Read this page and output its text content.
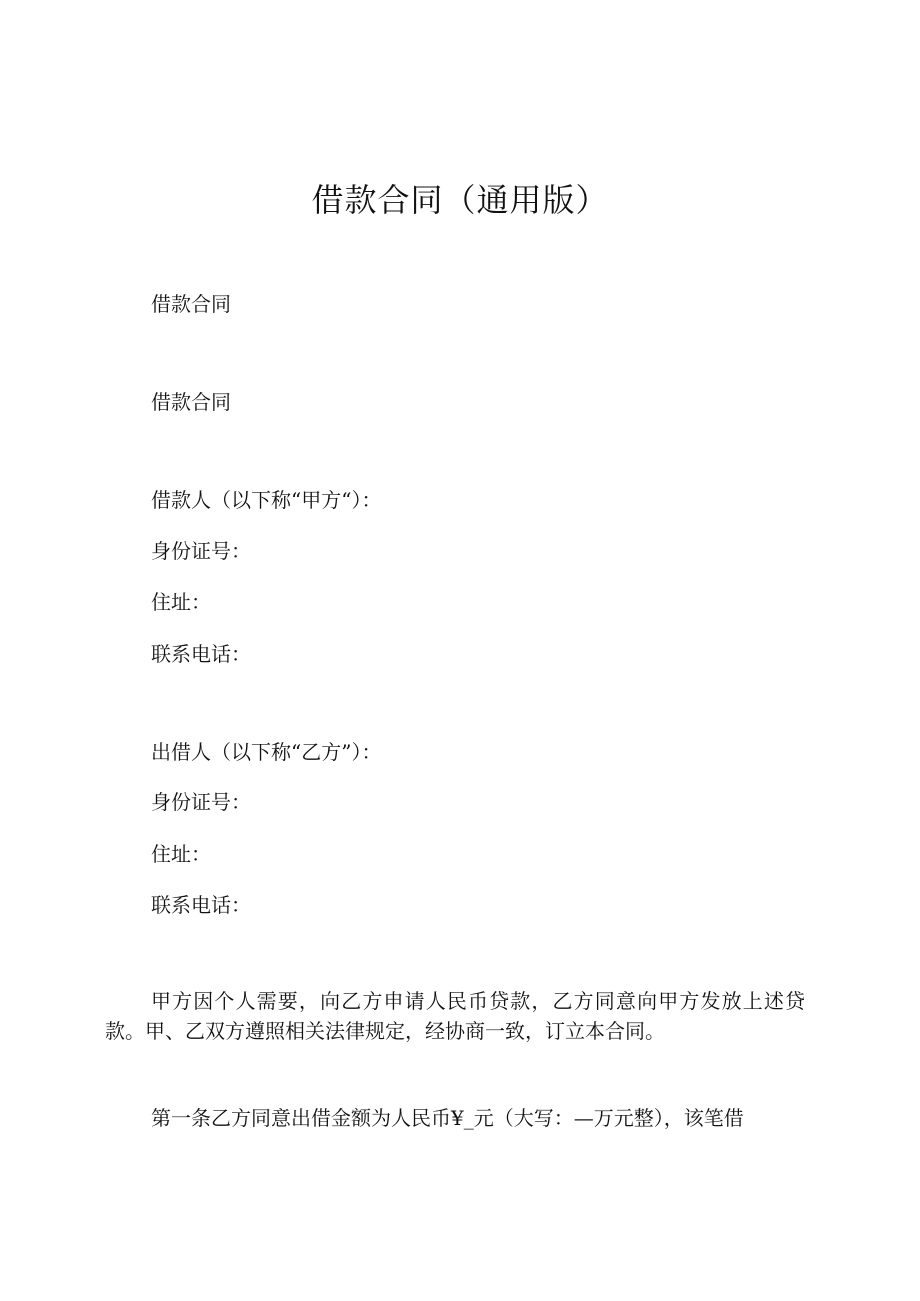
借款合同（通用版）

借款合同

借款合同

借款人（以下称“甲方“）：

身份证号：

住址：

联系电话：

出借人（以下称“乙方”）：

身份证号：

住址：

联系电话：

甲方因个人需要，向乙方申请人民币贷款，乙方同意向甲方发放上述贷款。甲、乙双方遵照相关法律规定，经协商一致，订立本合同。

第一条乙方同意出借金额为人民币¥_元（大写：—万元整），该笔借
